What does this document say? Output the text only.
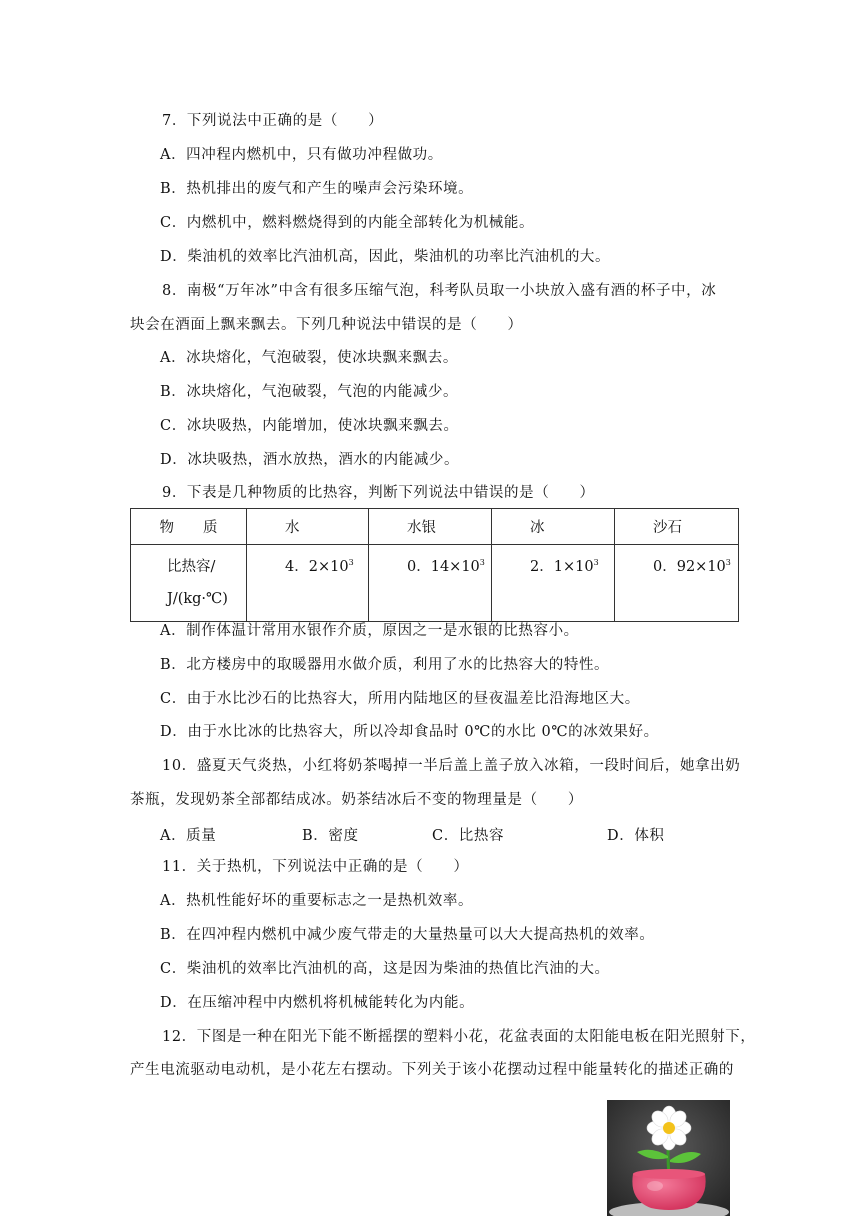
7．下列说法中正确的是（　　）
A．四冲程内燃机中，只有做功冲程做功。
B．热机排出的废气和产生的噪声会污染环境。
C．内燃机中，燃料燃烧得到的内能全部转化为机械能。
D．柴油机的效率比汽油机高，因此，柴油机的功率比汽油机的大。
8．南极“万年冰”中含有很多压缩气泡，科考队员取一小块放入盛有酒的杯子中，冰
块会在酒面上飘来飘去。下列几种说法中错误的是（　　）
A．冰块熔化，气泡破裂，使冰块飘来飘去。
B．冰块熔化，气泡破裂，气泡的内能减少。
C．冰块吸热，内能增加，使冰块飘来飘去。
D．冰块吸热，酒水放热，酒水的内能减少。
9．下表是几种物质的比热容，判断下列说法中错误的是（　　）
物　　质	水	水银	冰	沙石

比热容/
J/(kg·℃)	4．$2\times 10^3$	0．$14\times 10^3$	2．$1\times 10^3$	0．$92\times 10^3$
A．制作体温计常用水银作介质，原因之一是水银的比热容小。
B．北方楼房中的取暖器用水做介质，利用了水的比热容大的特性。
C．由于水比沙石的比热容大，所用内陆地区的昼夜温差比沿海地区大。
D．由于水比冰的比热容大，所以冷却食品时 0℃的水比 0℃的冰效果好。
10．盛夏天气炎热，小红将奶茶喝掉一半后盖上盖子放入冰箱，一段时间后，她拿出奶
茶瓶，发现奶茶全部都结成冰。奶茶结冰后不变的物理量是（　　）
A．质量	B．密度	C．比热容	D．体积
11．关于热机，下列说法中正确的是（　　）
A．热机性能好坏的重要标志之一是热机效率。
B．在四冲程内燃机中减少废气带走的大量热量可以大大提高热机的效率。
C．柴油机的效率比汽油机的高，这是因为柴油的热值比汽油的大。
D．在压缩冲程中内燃机将机械能转化为内能。
12．下图是一种在阳光下能不断摇摆的塑料小花，花盆表面的太阳能电板在阳光照射下，
产生电流驱动电动机，是小花左右摆动。下列关于该小花摆动过程中能量转化的描述正确的
